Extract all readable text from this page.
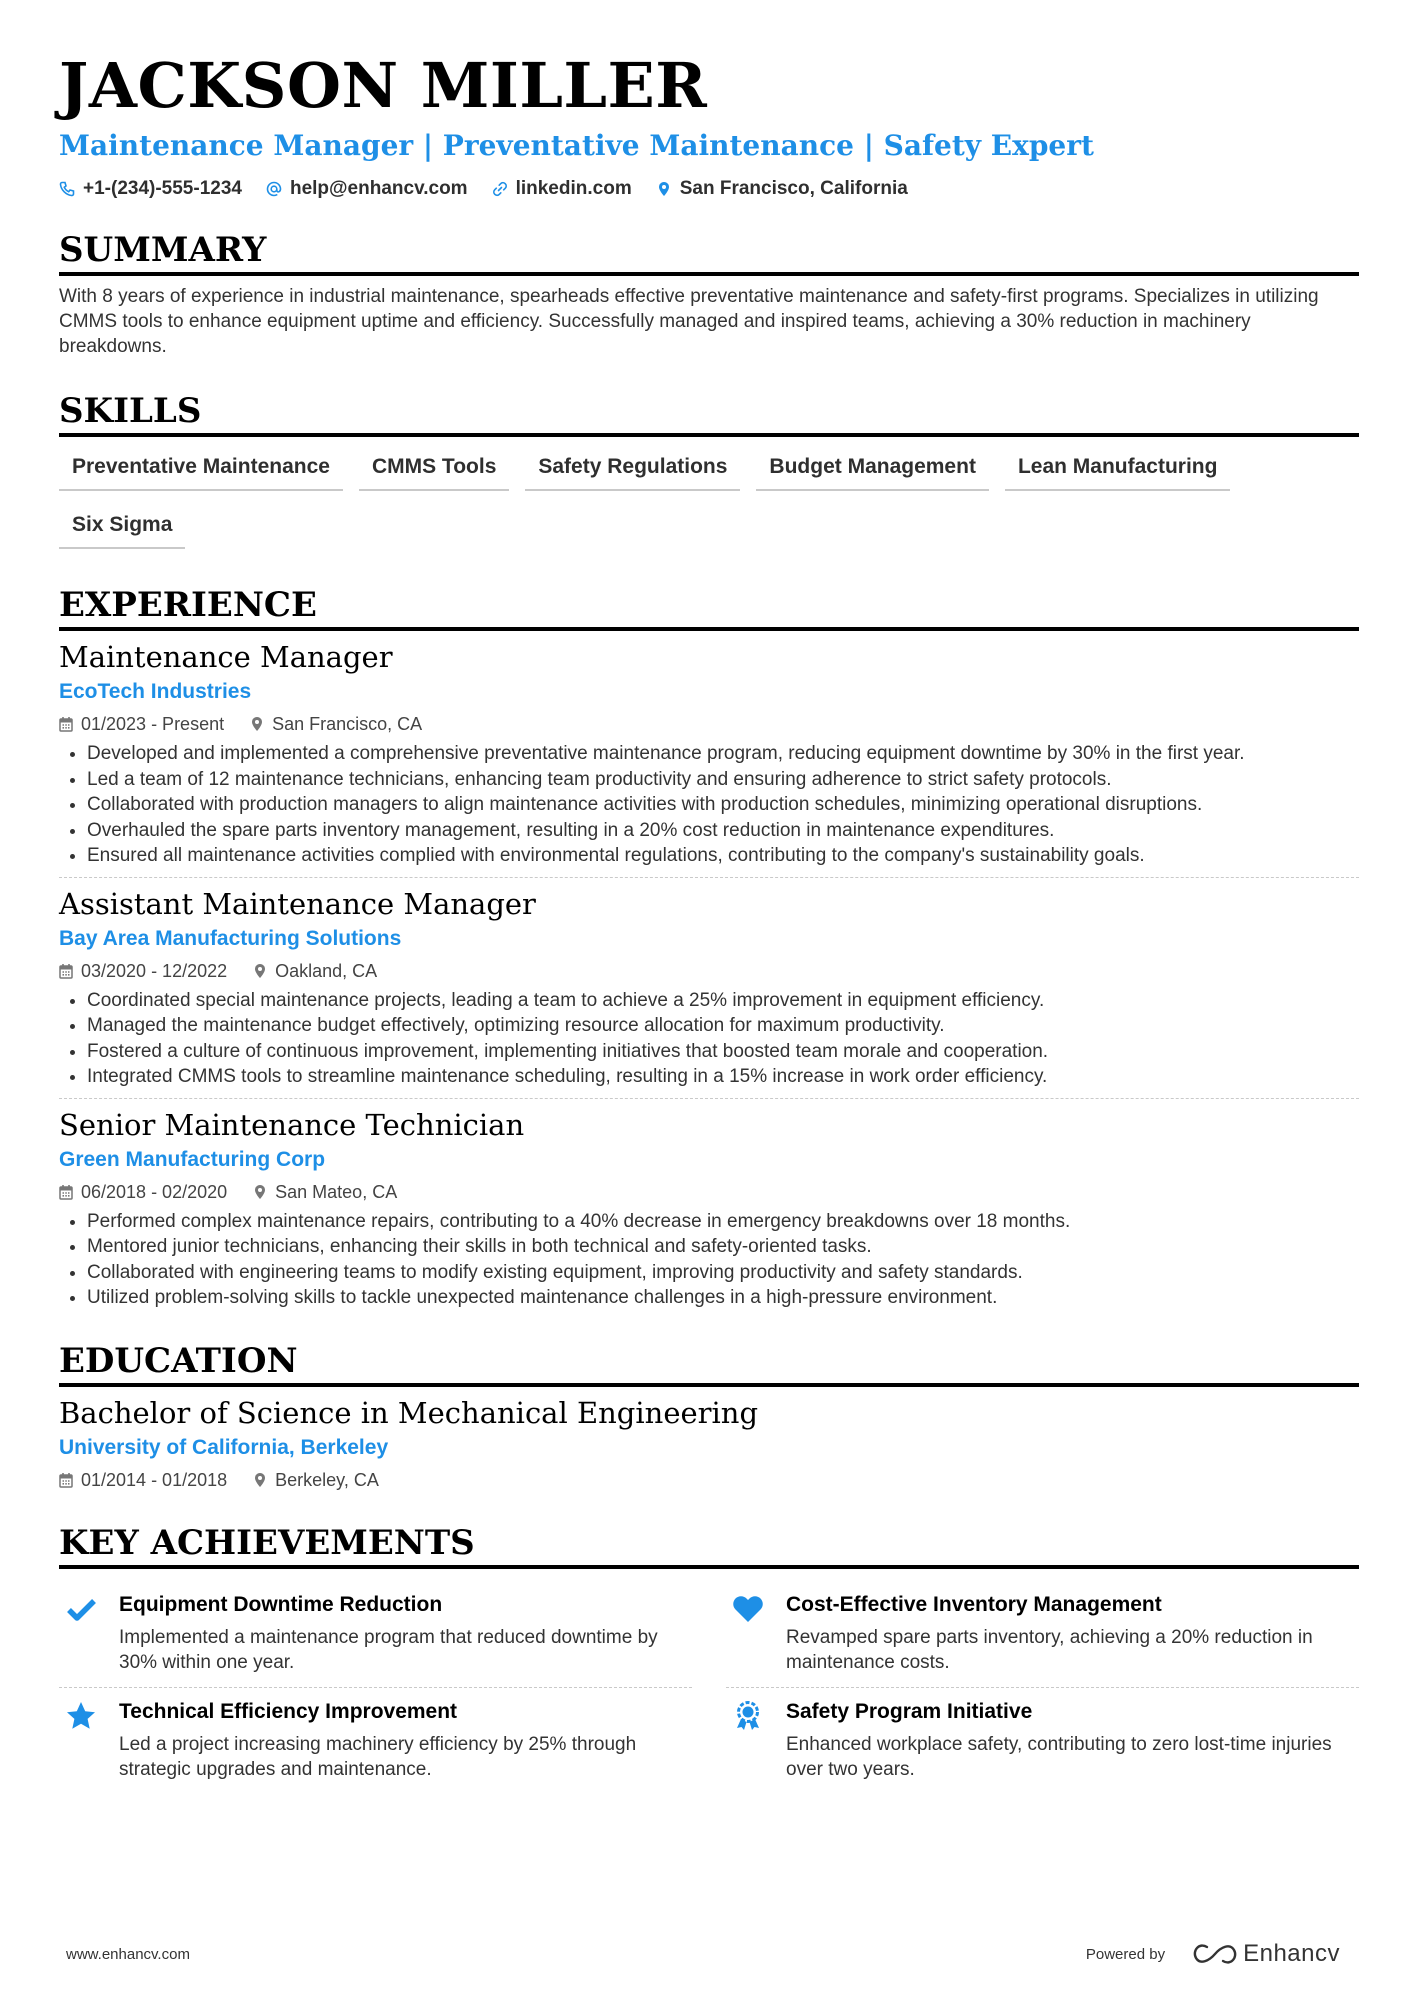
JACKSON MILLER
Maintenance Manager | Preventative Maintenance | Safety Expert
+1-(234)-555-1234	help@enhancv.com	linkedin.com	San Francisco, California
SUMMARY
With 8 years of experience in industrial maintenance, spearheads effective preventative maintenance and safety-first programs. Specializes in utilizing CMMS tools to enhance equipment uptime and efficiency. Successfully managed and inspired teams, achieving a 30% reduction in machinery breakdowns.
SKILLS
Preventative Maintenance	CMMS Tools	Safety Regulations	Budget Management	Lean Manufacturing
Six Sigma
EXPERIENCE
Maintenance Manager
EcoTech Industries
01/2023 - Present	San Francisco, CA
• Developed and implemented a comprehensive preventative maintenance program, reducing equipment downtime by 30% in the first year.
• Led a team of 12 maintenance technicians, enhancing team productivity and ensuring adherence to strict safety protocols.
• Collaborated with production managers to align maintenance activities with production schedules, minimizing operational disruptions.
• Overhauled the spare parts inventory management, resulting in a 20% cost reduction in maintenance expenditures.
• Ensured all maintenance activities complied with environmental regulations, contributing to the company's sustainability goals.
Assistant Maintenance Manager
Bay Area Manufacturing Solutions
03/2020 - 12/2022	Oakland, CA
• Coordinated special maintenance projects, leading a team to achieve a 25% improvement in equipment efficiency.
• Managed the maintenance budget effectively, optimizing resource allocation for maximum productivity.
• Fostered a culture of continuous improvement, implementing initiatives that boosted team morale and cooperation.
• Integrated CMMS tools to streamline maintenance scheduling, resulting in a 15% increase in work order efficiency.
Senior Maintenance Technician
Green Manufacturing Corp
06/2018 - 02/2020	San Mateo, CA
• Performed complex maintenance repairs, contributing to a 40% decrease in emergency breakdowns over 18 months.
• Mentored junior technicians, enhancing their skills in both technical and safety-oriented tasks.
• Collaborated with engineering teams to modify existing equipment, improving productivity and safety standards.
• Utilized problem-solving skills to tackle unexpected maintenance challenges in a high-pressure environment.
EDUCATION
Bachelor of Science in Mechanical Engineering
University of California, Berkeley
01/2014 - 01/2018	Berkeley, CA
KEY ACHIEVEMENTS
Equipment Downtime Reduction
Implemented a maintenance program that reduced downtime by 30% within one year.
Cost-Effective Inventory Management
Revamped spare parts inventory, achieving a 20% reduction in maintenance costs.
Technical Efficiency Improvement
Led a project increasing machinery efficiency by 25% through strategic upgrades and maintenance.
Safety Program Initiative
Enhanced workplace safety, contributing to zero lost-time injuries over two years.
www.enhancv.com	Powered by	Enhancv
